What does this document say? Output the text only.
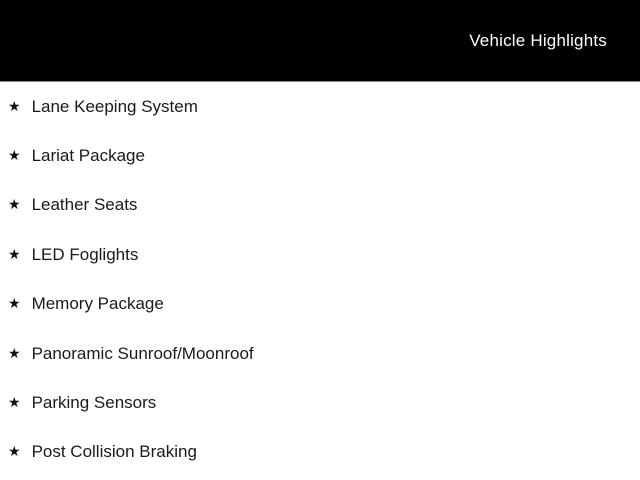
Vehicle Highlights
★ Lane Keeping System
★ Lariat Package
★ Leather Seats
★ LED Foglights
★ Memory Package
★ Panoramic Sunroof/Moonroof
★ Parking Sensors
★ Post Collision Braking
